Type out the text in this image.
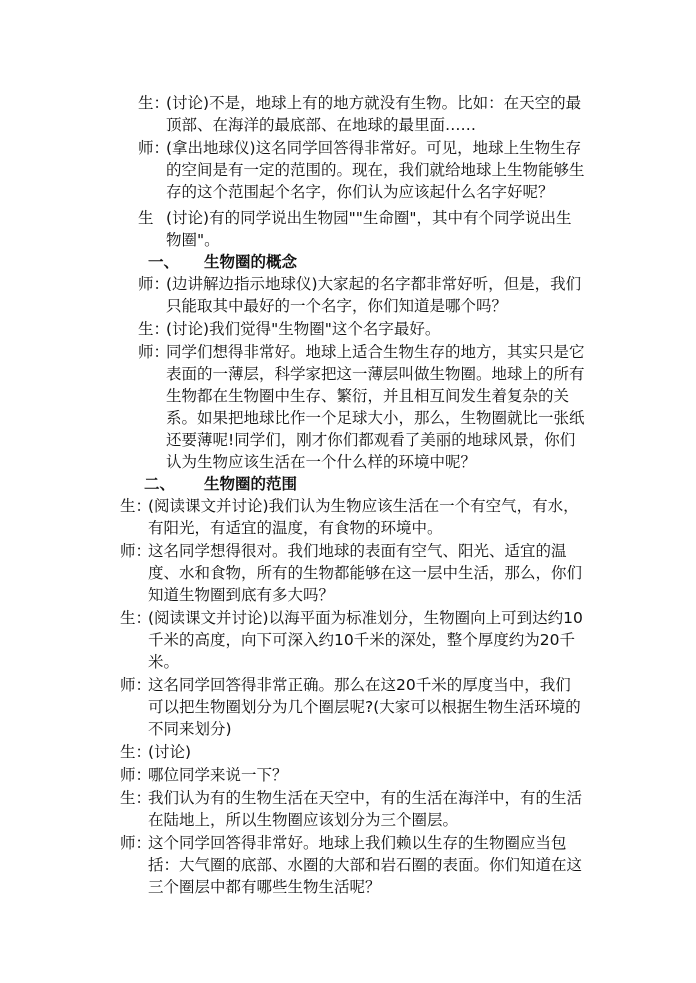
生：
(讨论)不是，地球上有的地方就没有生物。比如：在天空的最顶部、在海洋的最底部、在地球的最里面……
师：
(拿出地球仪)这名同学回答得非常好。可见，地球上生物生存的空间是有一定的范围的。现在，我们就给地球上生物能够生存的这个范围起个名字，你们认为应该起什么名字好呢？
生 (讨论)有的同学说出生物园""生命圈"，其中有个同学说出生物圈"。
一、 生物圈的概念
师：
(边讲解边指示地球仪)大家起的名字都非常好听，但是，我们只能取其中最好的一个名字，你们知道是哪个吗？
生：
(讨论)我们觉得"生物圈"这个名字最好。
师：
同学们想得非常好。地球上适合生物生存的地方，其实只是它表面的一薄层，科学家把这一薄层叫做生物圈。地球上的所有生物都在生物圈中生存、繁衍，并且相互间发生着复杂的关系。如果把地球比作一个足球大小，那么，生物圈就比一张纸还要薄呢!同学们，刚才你们都观看了美丽的地球风景，你们认为生物应该生活在一个什么样的环境中呢？
二、 生物圈的范围
生：
(阅读课文并讨论)我们认为生物应该生活在一个有空气，有水，有阳光，有适宜的温度，有食物的环境中。
师：
这名同学想得很对。我们地球的表面有空气、阳光、适宜的温度、水和食物，所有的生物都能够在这一层中生活，那么，你们知道生物圈到底有多大吗？
生：
(阅读课文并讨论)以海平面为标准划分，生物圈向上可到达约10千米的高度，向下可深入约10千米的深处，整个厚度约为20千米。
师：
这名同学回答得非常正确。那么在这20千米的厚度当中，我们可以把生物圈划分为几个圈层呢?(大家可以根据生物生活环境的不同来划分)
生：
(讨论)
师：
哪位同学来说一下？
生：
我们认为有的生物生活在天空中，有的生活在海洋中，有的生活在陆地上，所以生物圈应该划分为三个圈层。
师：
这个同学回答得非常好。地球上我们赖以生存的生物圈应当包括：大气圈的底部、水圈的大部和岩石圈的表面。你们知道在这三个圈层中都有哪些生物生活呢？
